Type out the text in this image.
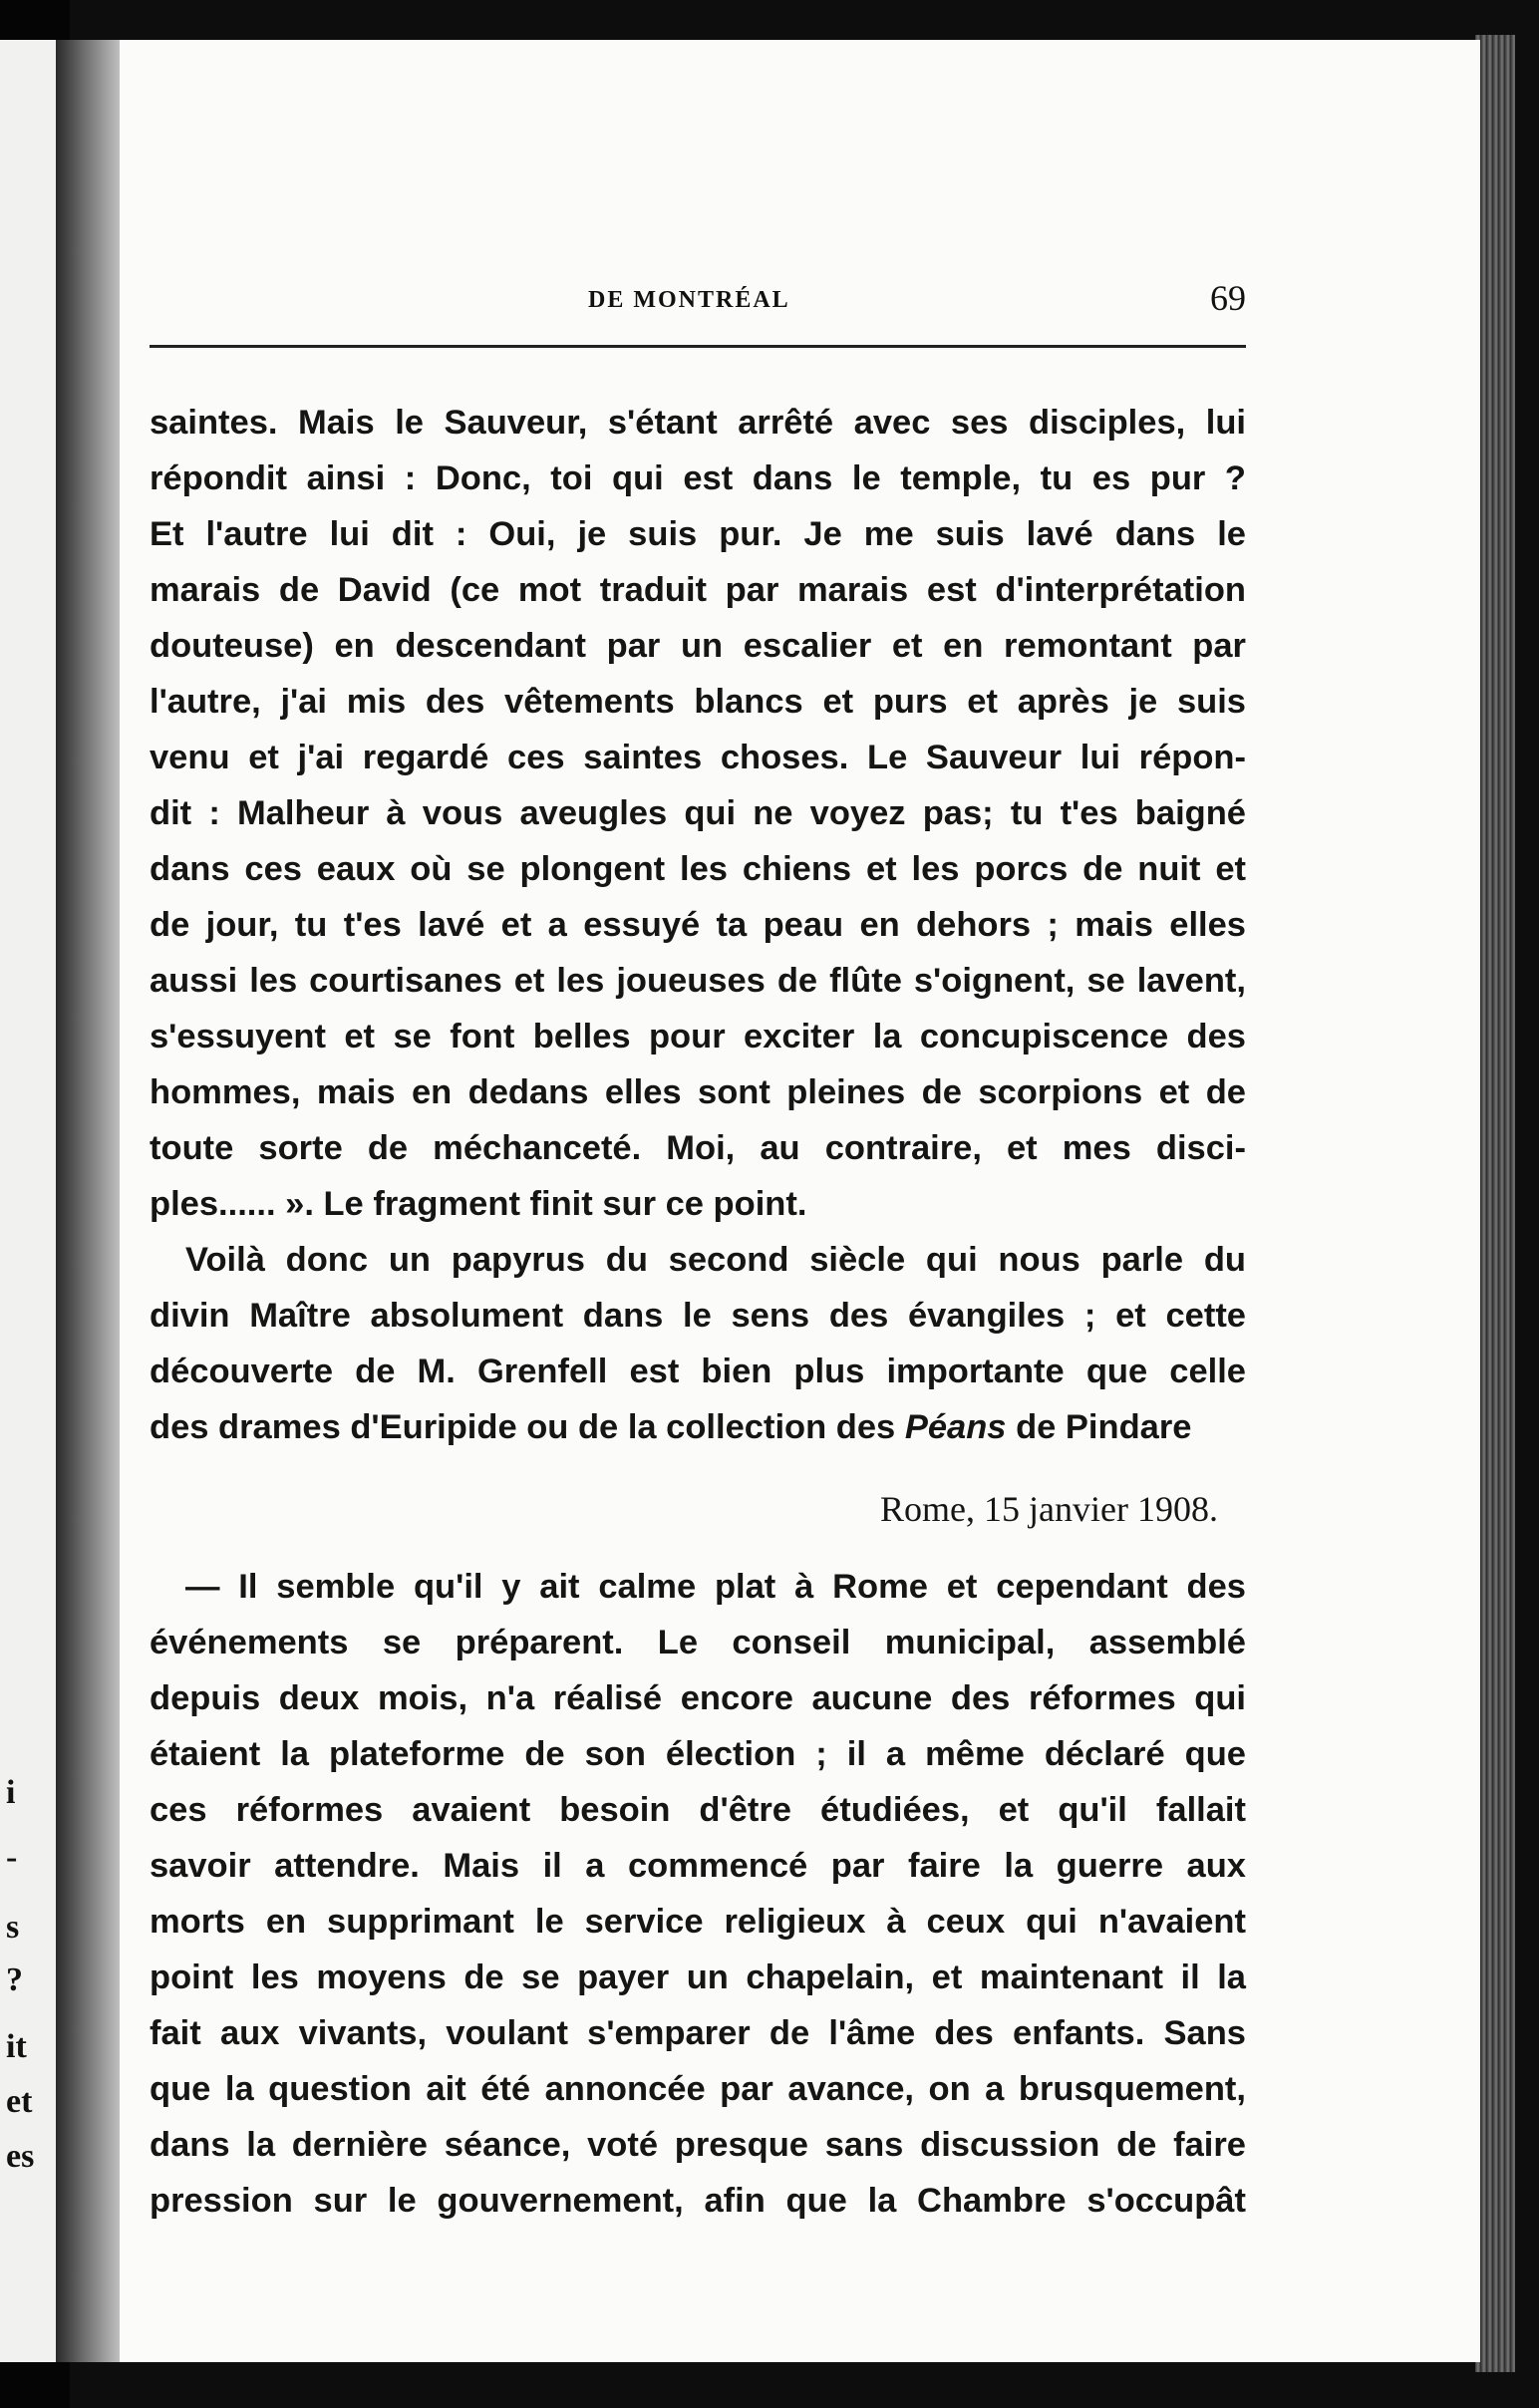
i
-
s
?
it
et
es
DE MONTRÉAL	69
saintes. Mais le Sauveur, s'étant arrêté avec ses disciples, lui
répondit ainsi : Donc, toi qui est dans le temple, tu es pur ?
Et l'autre lui dit : Oui, je suis pur. Je me suis lavé dans le
marais de David (ce mot traduit par marais est d'interprétation
douteuse) en descendant par un escalier et en remontant par
l'autre, j'ai mis des vêtements blancs et purs et après je suis
venu et j'ai regardé ces saintes choses. Le Sauveur lui répon-
dit : Malheur à vous aveugles qui ne voyez pas; tu t'es baigné
dans ces eaux où se plongent les chiens et les porcs de nuit et
de jour, tu t'es lavé et a essuyé ta peau en dehors ; mais elles
aussi les courtisanes et les joueuses de flûte s'oignent, se lavent,
s'essuyent et se font belles pour exciter la concupiscence des
hommes, mais en dedans elles sont pleines de scorpions et de
toute sorte de méchanceté. Moi, au contraire, et mes disci-
ples...... ». Le fragment finit sur ce point.
Voilà donc un papyrus du second siècle qui nous parle du
divin Maître absolument dans le sens des évangiles ; et cette
découverte de M. Grenfell est bien plus importante que celle
des drames d'Euripide ou de la collection des Péans de Pindare
Rome, 15 janvier 1908.
— Il semble qu'il y ait calme plat à Rome et cependant des
événements se préparent. Le conseil municipal, assemblé
depuis deux mois, n'a réalisé encore aucune des réformes qui
étaient la plateforme de son élection ; il a même déclaré que
ces réformes avaient besoin d'être étudiées, et qu'il fallait
savoir attendre. Mais il a commencé par faire la guerre aux
morts en supprimant le service religieux à ceux qui n'avaient
point les moyens de se payer un chapelain, et maintenant il la
fait aux vivants, voulant s'emparer de l'âme des enfants. Sans
que la question ait été annoncée par avance, on a brusquement,
dans la dernière séance, voté presque sans discussion de faire
pression sur le gouvernement, afin que la Chambre s'occupât
